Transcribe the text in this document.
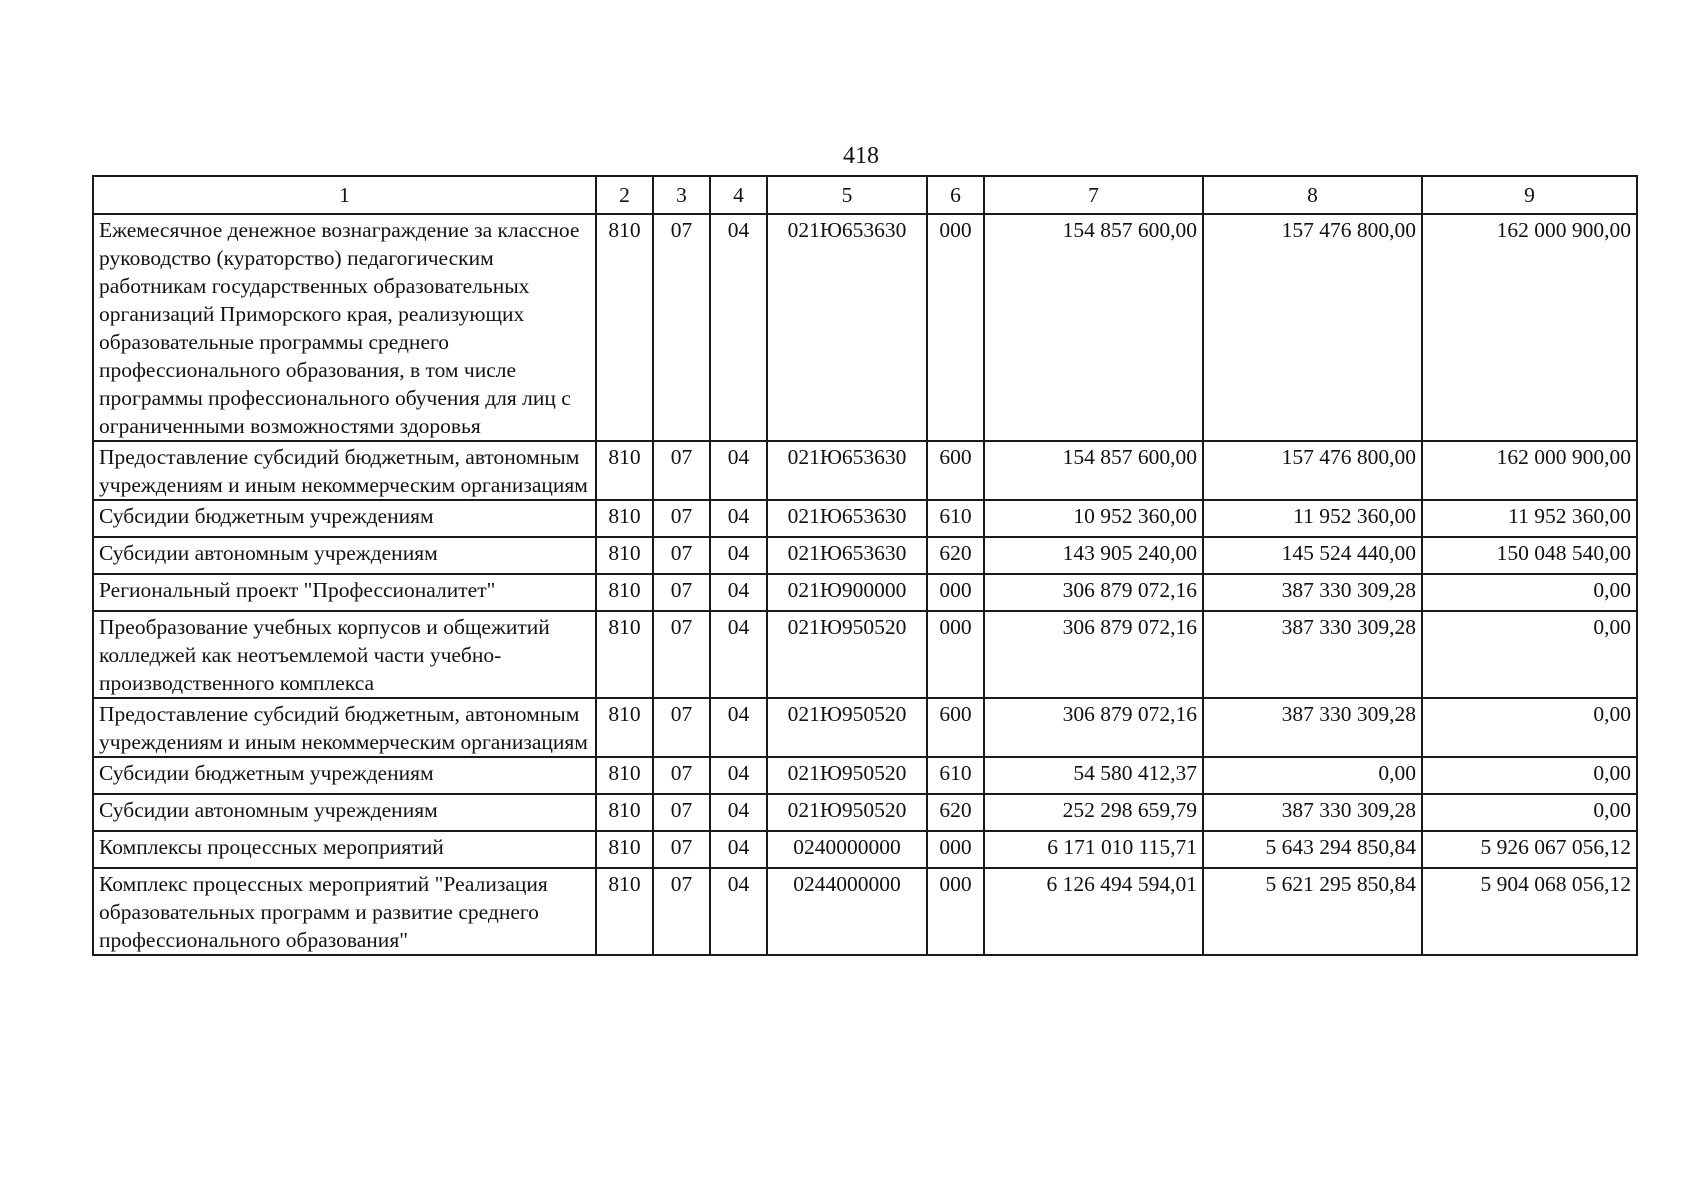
418
1	2	3	4	5	6	7	8	9
Ежемесячное денежное вознаграждение за классное руководство (кураторство) педагогическим работникам государственных образовательных организаций Приморского края, реализующих образовательные программы среднего профессионального образования, в том числе программы профессионального обучения для лиц с ограниченными возможностями здоровья	810	07	04	021Ю653630	000	154 857 600,00	157 476 800,00	162 000 900,00
Предоставление субсидий бюджетным, автономным учреждениям и иным некоммерческим организациям	810	07	04	021Ю653630	600	154 857 600,00	157 476 800,00	162 000 900,00
Субсидии бюджетным учреждениям	810	07	04	021Ю653630	610	10 952 360,00	11 952 360,00	11 952 360,00
Субсидии автономным учреждениям	810	07	04	021Ю653630	620	143 905 240,00	145 524 440,00	150 048 540,00
Региональный проект "Профессионалитет"	810	07	04	021Ю900000	000	306 879 072,16	387 330 309,28	0,00
Преобразование учебных корпусов и общежитий колледжей как неотъемлемой части учебно-производственного комплекса	810	07	04	021Ю950520	000	306 879 072,16	387 330 309,28	0,00
Предоставление субсидий бюджетным, автономным учреждениям и иным некоммерческим организациям	810	07	04	021Ю950520	600	306 879 072,16	387 330 309,28	0,00
Субсидии бюджетным учреждениям	810	07	04	021Ю950520	610	54 580 412,37	0,00	0,00
Субсидии автономным учреждениям	810	07	04	021Ю950520	620	252 298 659,79	387 330 309,28	0,00
Комплексы процессных мероприятий	810	07	04	0240000000	000	6 171 010 115,71	5 643 294 850,84	5 926 067 056,12
Комплекс процессных мероприятий "Реализация образовательных программ и развитие среднего профессионального образования"	810	07	04	0244000000	000	6 126 494 594,01	5 621 295 850,84	5 904 068 056,12
